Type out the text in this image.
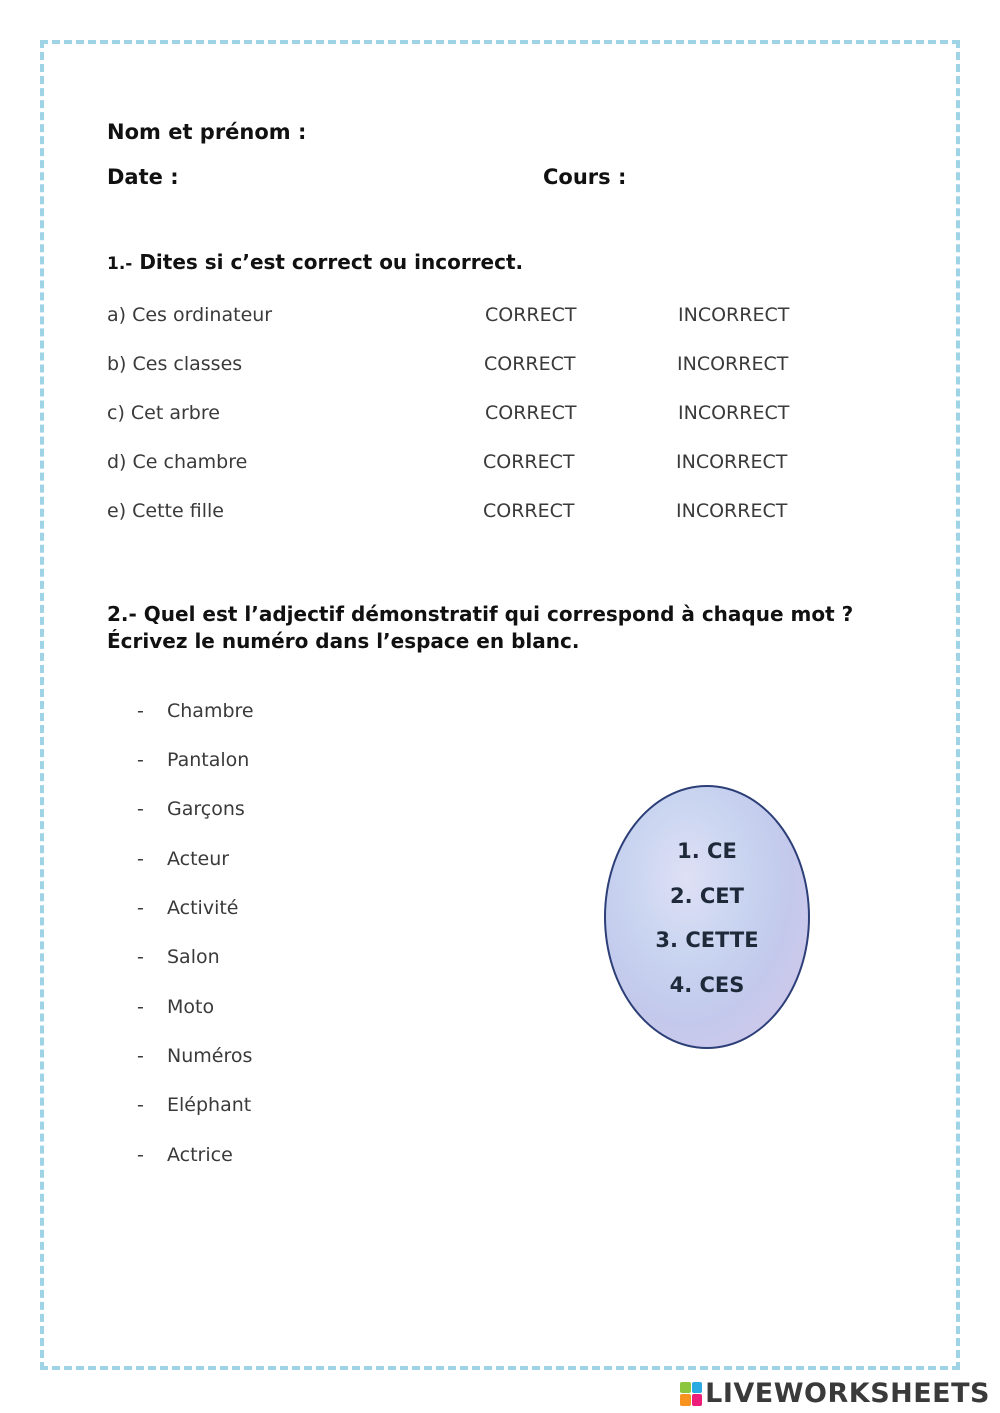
Nom et prénom :
Date :	Cours :
1.- Dites si c’est correct ou incorrect.
a) Ces ordinateur	CORRECT	INCORRECT
b) Ces classes	CORRECT	INCORRECT
c) Cet arbre	CORRECT	INCORRECT
d) Ce chambre	CORRECT	INCORRECT
e) Cette fille	CORRECT	INCORRECT
2.- Quel est l’adjectif démonstratif qui correspond à chaque mot ?
Écrivez le numéro dans l’espace en blanc.
- Chambre
- Pantalon
- Garçons
- Acteur
- Activité
- Salon
- Moto
- Numéros
- Eléphant
- Actrice
1. CE
2. CET
3. CETTE
4. CES
LIVEWORKSHEETS
